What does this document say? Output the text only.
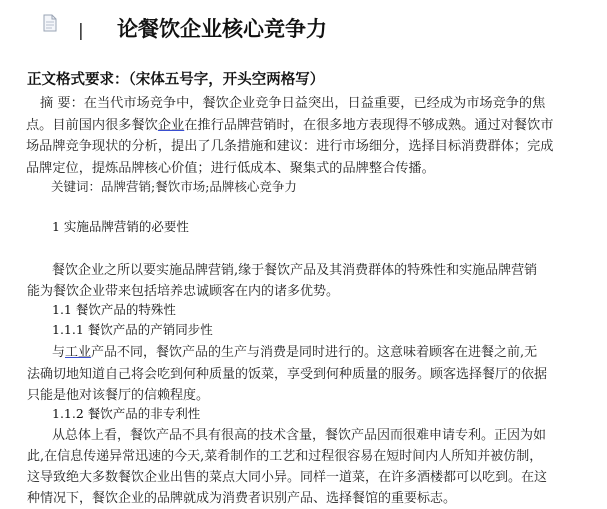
| 论餐饮企业核心竞争力
正文格式要求：（宋体五号字，开头空两格写）
摘 要：在当代市场竞争中，餐饮企业竞争日益突出，日益重要，已经成为市场竞争的焦
点。目前国内很多餐饮企业在推行品牌营销时，在很多地方表现得不够成熟。通过对餐饮市
场品牌竞争现状的分析，提出了几条措施和建议：进行市场细分，选择目标消费群体；完成
品牌定位，提炼品牌核心价值；进行低成本、聚集式的品牌整合传播。
关键词：品牌营销;餐饮市场;品牌核心竞争力
1 实施品牌营销的必要性
餐饮企业之所以要实施品牌营销,缘于餐饮产品及其消费群体的特殊性和实施品牌营销
能为餐饮企业带来包括培养忠诚顾客在内的诸多优势。
1.1 餐饮产品的特殊性
1.1.1 餐饮产品的产销同步性
与工业产品不同，餐饮产品的生产与消费是同时进行的。这意味着顾客在进餐之前,无
法确切地知道自己将会吃到何种质量的饭菜，享受到何种质量的服务。顾客选择餐厅的依据
只能是他对该餐厅的信赖程度。
1.1.2 餐饮产品的非专利性
从总体上看，餐饮产品不具有很高的技术含量，餐饮产品因而很难申请专利。正因为如
此,在信息传递异常迅速的今天,菜肴制作的工艺和过程很容易在短时间内人所知并被仿制，
这导致绝大多数餐饮企业出售的菜点大同小异。同样一道菜，在许多酒楼都可以吃到。在这
种情况下，餐饮企业的品牌就成为消费者识别产品、选择餐馆的重要标志。
